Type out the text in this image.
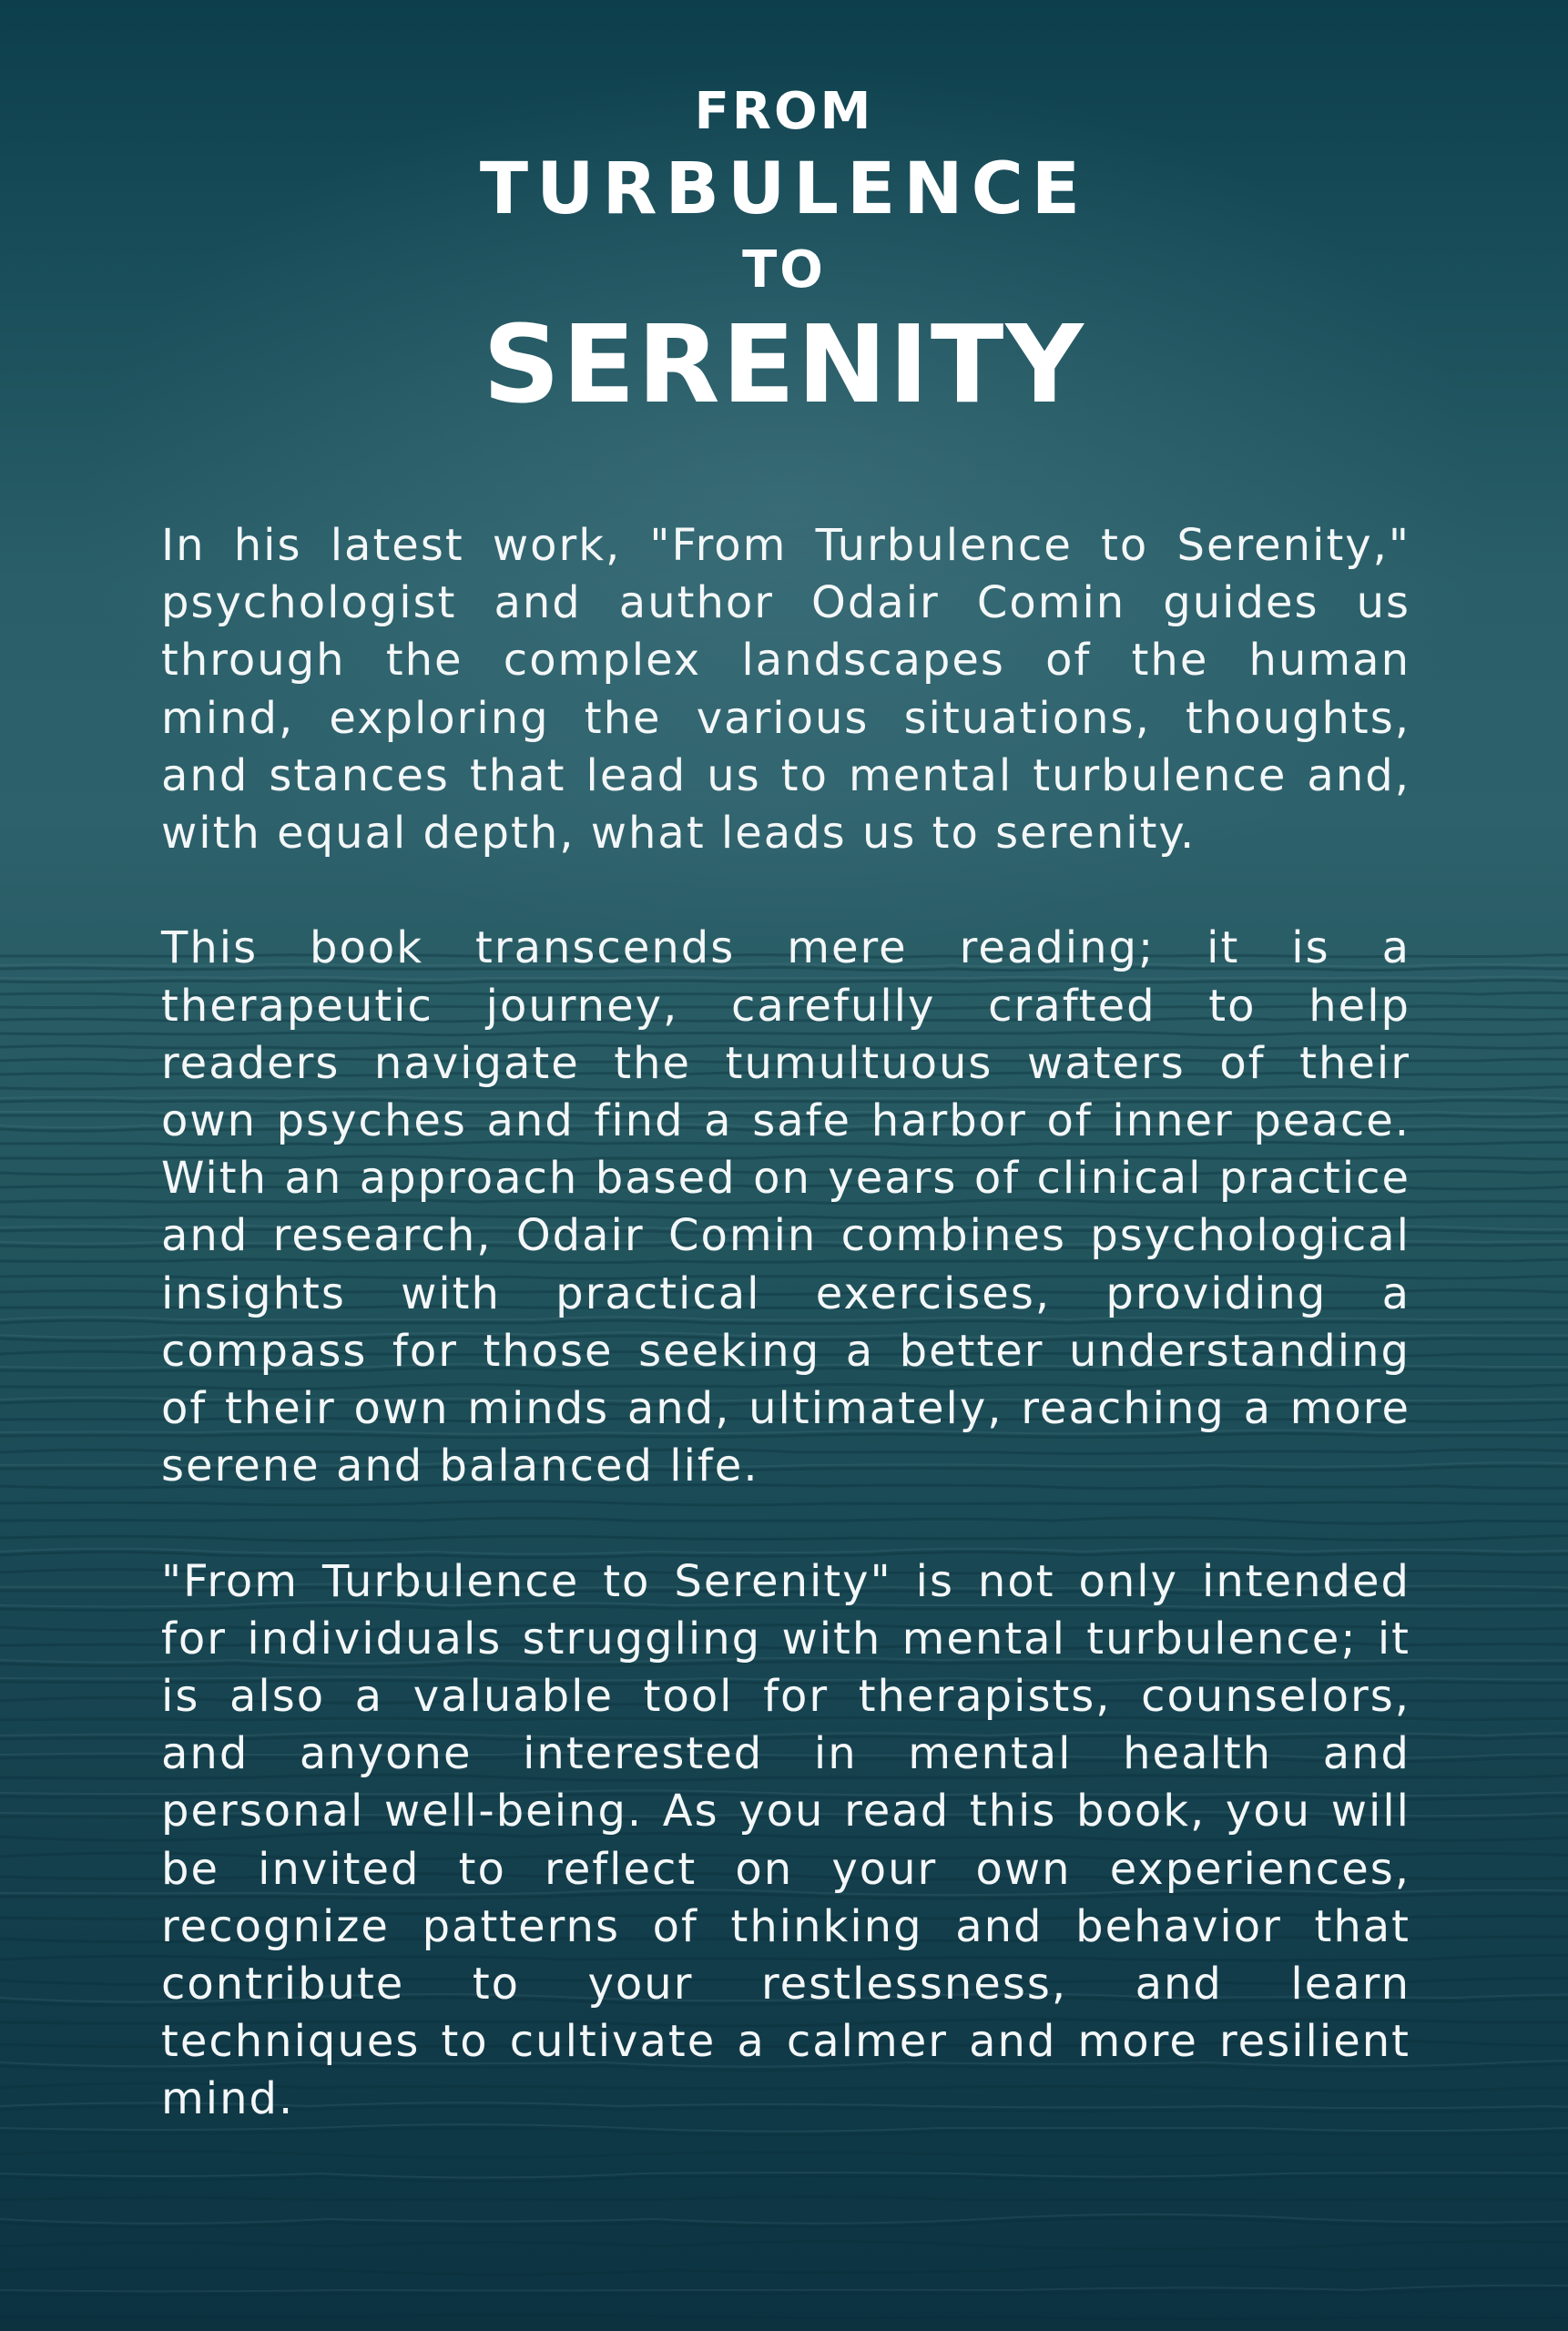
FROM
TURBULENCE
TO
SERENITY

In his latest work, "From Turbulence to Serenity," psychologist and author Odair Comin guides us through the complex landscapes of the human mind, exploring the various situations, thoughts, and stances that lead us to mental turbulence and, with equal depth, what leads us to serenity.

This book transcends mere reading; it is a therapeutic journey, carefully crafted to help readers navigate the tumultuous waters of their own psyches and find a safe harbor of inner peace. With an approach based on years of clinical practice and research, Odair Comin combines psychological insights with practical exercises, providing a compass for those seeking a better understanding of their own minds and, ultimately, reaching a more serene and balanced life.

"From Turbulence to Serenity" is not only intended for individuals struggling with mental turbulence; it is also a valuable tool for therapists, counselors, and anyone interested in mental health and personal well-being. As you read this book, you will be invited to reflect on your own experiences, recognize patterns of thinking and behavior that contribute to your restlessness, and learn techniques to cultivate a calmer and more resilient mind.
